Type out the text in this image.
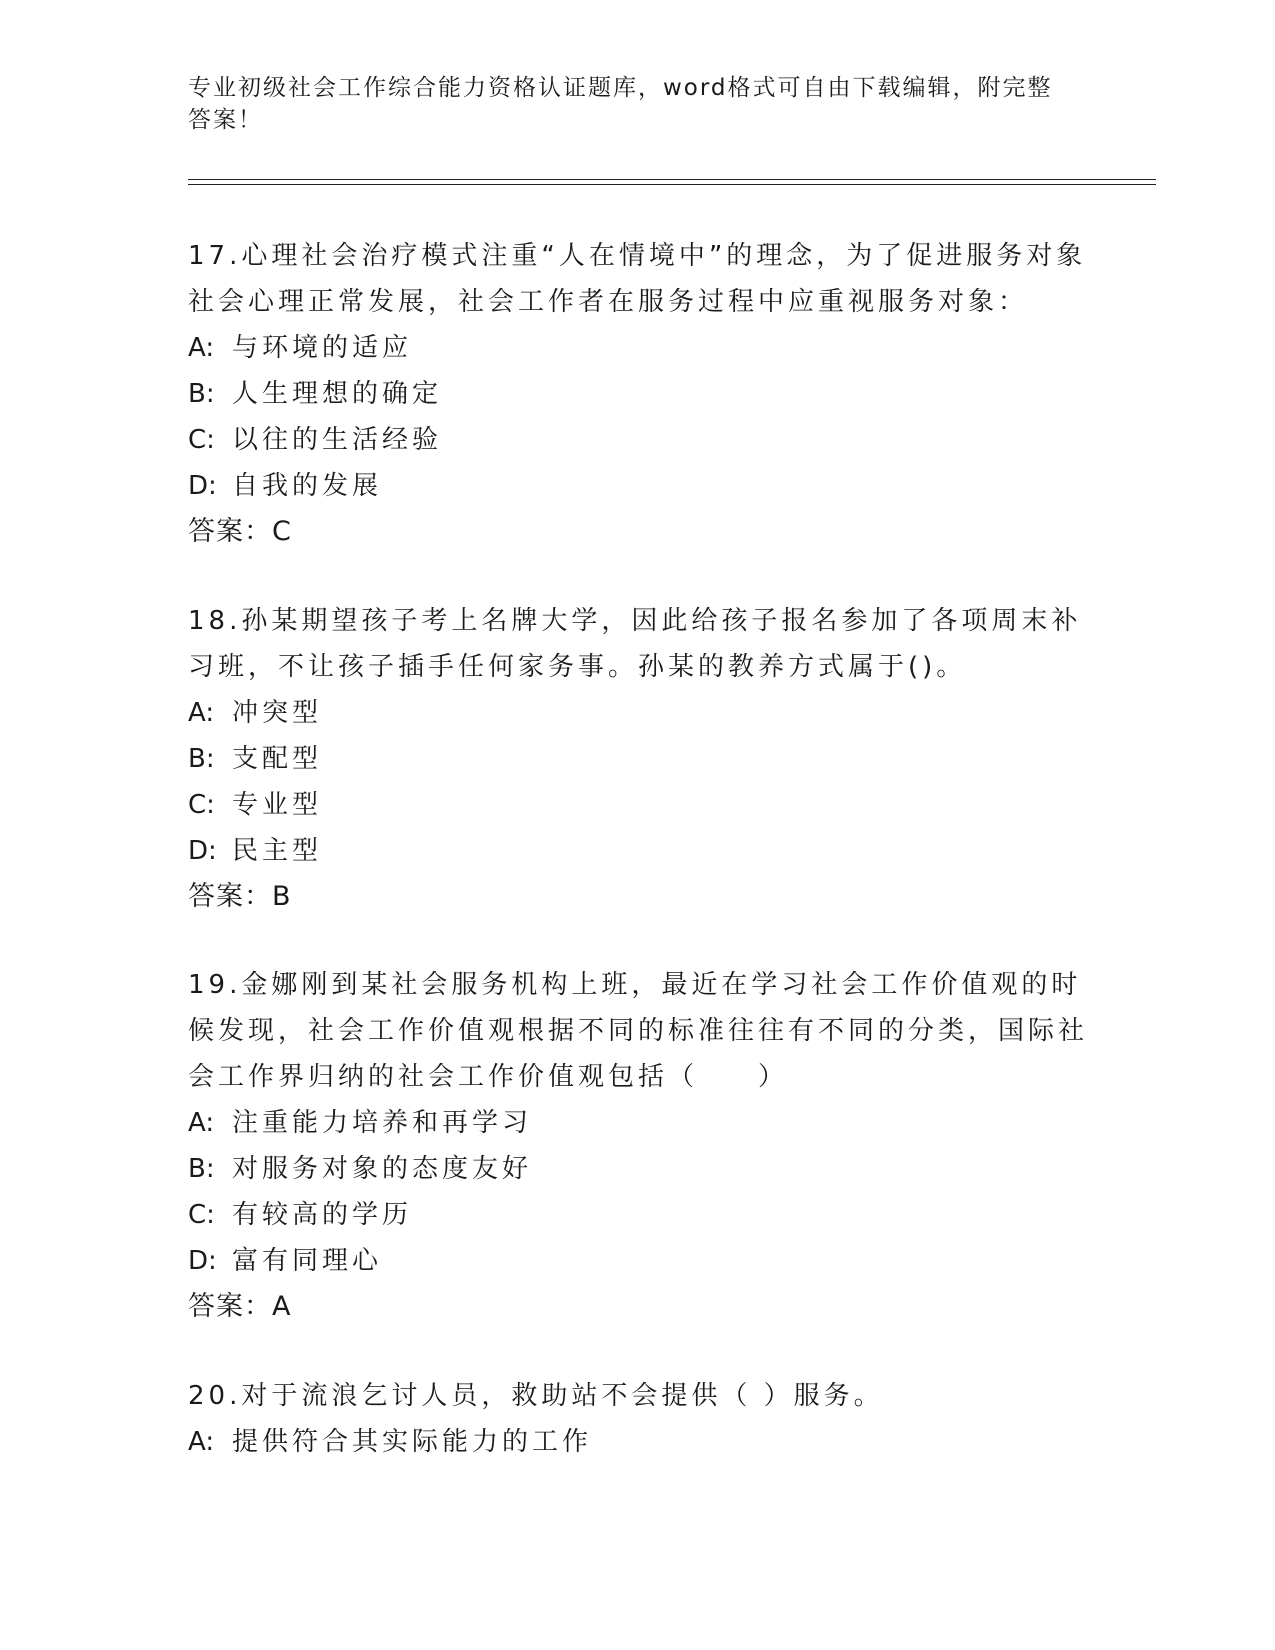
专业初级社会工作综合能力资格认证题库，word格式可自由下载编辑，附完整答案！

17.心理社会治疗模式注重“人在情境中”的理念，为了促进服务对象社会心理正常发展，社会工作者在服务过程中应重视服务对象：

A: 与环境的适应

B: 人生理想的确定

C: 以往的生活经验

D: 自我的发展

答案：C

18.孙某期望孩子考上名牌大学，因此给孩子报名参加了各项周末补习班，不让孩子插手任何家务事。孙某的教养方式属于()。

A: 冲突型

B: 支配型

C: 专业型

D: 民主型

答案：B

19.金娜刚到某社会服务机构上班，最近在学习社会工作价值观的时候发现，社会工作价值观根据不同的标准往往有不同的分类，国际社会工作界归纳的社会工作价值观包括（　　）

A: 注重能力培养和再学习

B: 对服务对象的态度友好

C: 有较高的学历

D: 富有同理心

答案：A

20.对于流浪乞讨人员，救助站不会提供（ ）服务。

A: 提供符合其实际能力的工作
